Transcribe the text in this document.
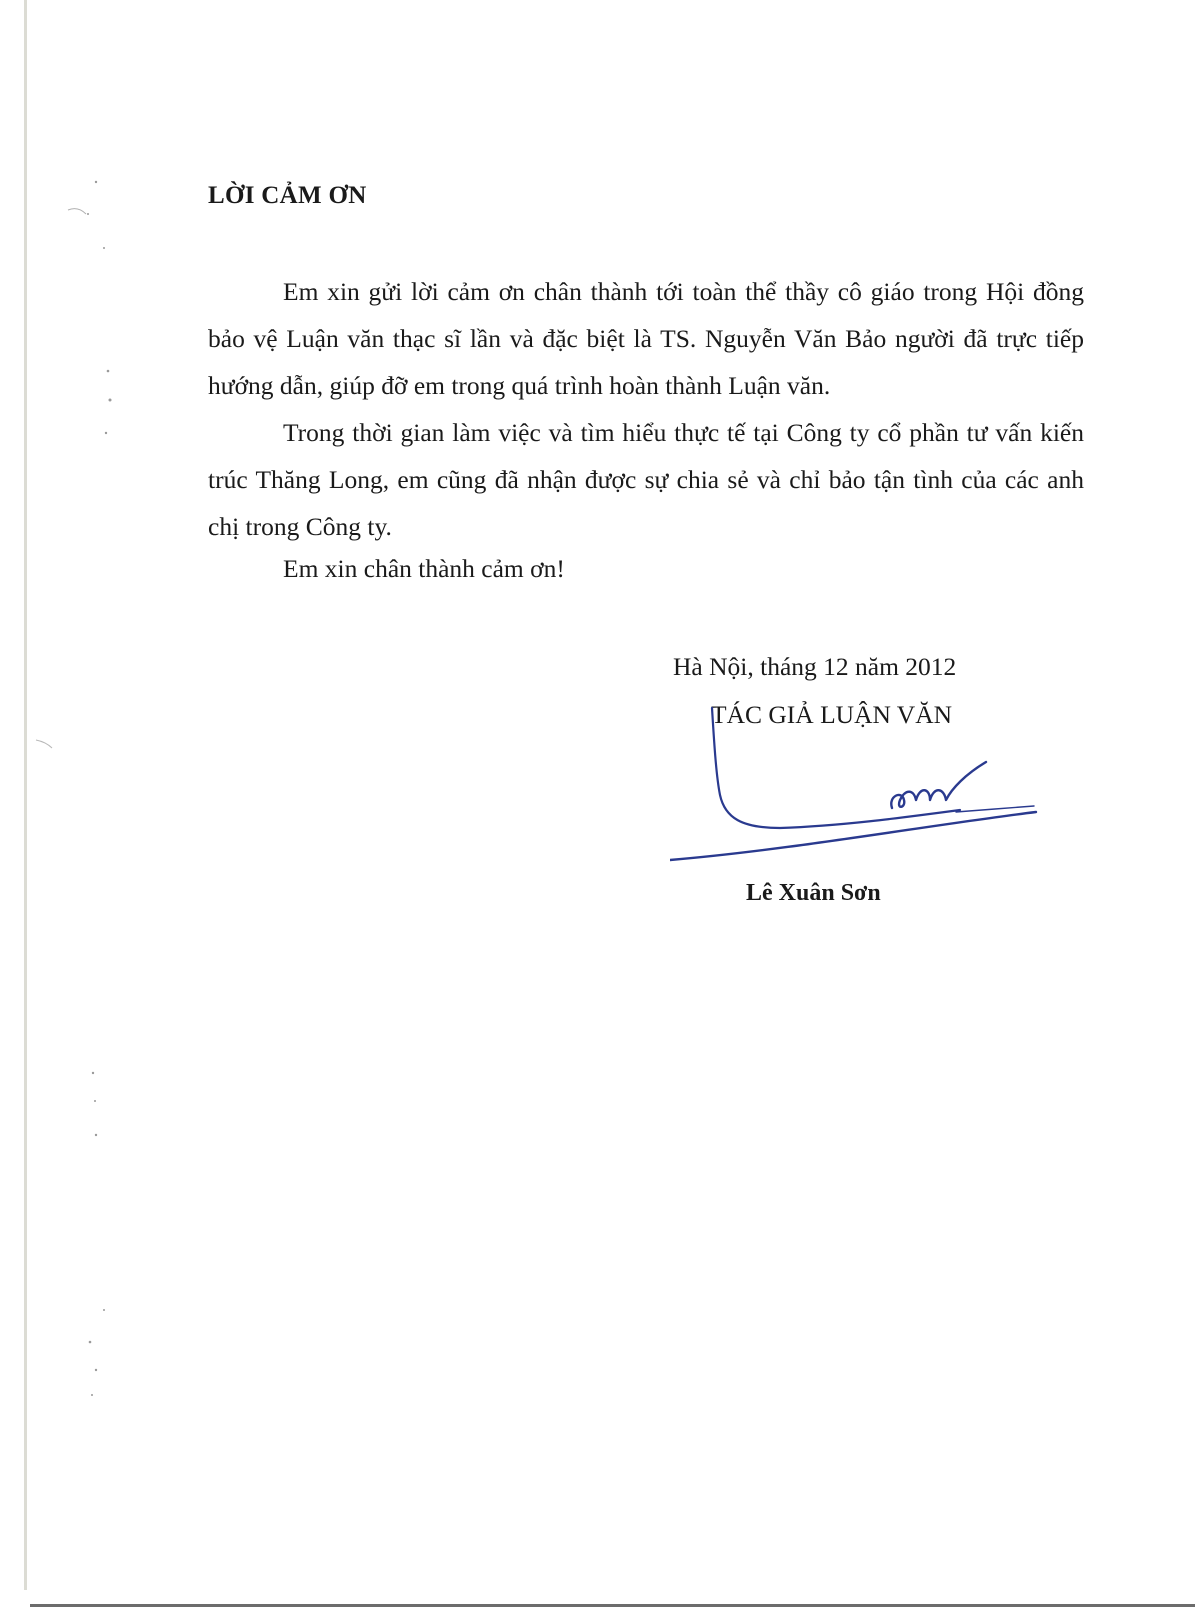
LỜI CẢM ƠN

Em xin gửi lời cảm ơn chân thành tới toàn thể thầy cô giáo trong Hội đồng bảo vệ Luận văn thạc sĩ lần và đặc biệt là TS. Nguyễn Văn Bảo người đã trực tiếp hướng dẫn, giúp đỡ em trong quá trình hoàn thành Luận văn.

Trong thời gian làm việc và tìm hiểu thực tế tại Công ty cổ phần tư vấn kiến trúc Thăng Long, em cũng đã nhận được sự chia sẻ và chỉ bảo tận tình của các anh chị trong Công ty.

Em xin chân thành cảm ơn!
Hà Nội, tháng 12 năm 2012
TÁC GIẢ LUẬN VĂN
Lê Xuân Sơn
